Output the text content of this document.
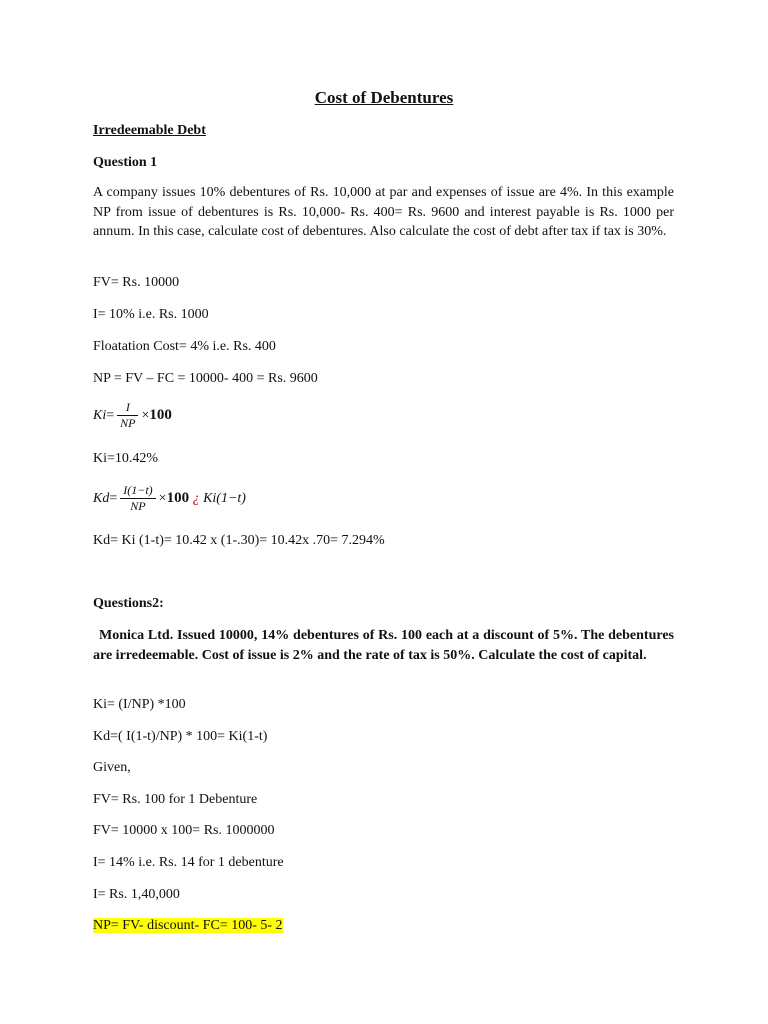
Cost of Debentures
Irredeemable Debt
Question 1
A company issues 10% debentures of Rs. 10,000 at par and expenses of issue are 4%. In this example NP from issue of debentures is Rs. 10,000- Rs. 400= Rs. 9600 and interest payable is Rs. 1000 per annum. In this case, calculate cost of debentures. Also calculate the cost of debt after tax if tax is 30%.
FV= Rs. 10000
I= 10% i.e. Rs. 1000
Floatation Cost= 4% i.e. Rs. 400
NP = FV – FC = 10000- 400 = Rs. 9600
$Ki= \frac{I}{NP} \times 100$
Ki=10.42%
$Kd= \frac{I(1-t)}{NP} \times 100$ ¿ Ki(1−t)
Kd= Ki (1-t)= 10.42 x (1-.30)= 10.42x .70= 7.294%
Questions2:
Monica Ltd. Issued 10000, 14% debentures of Rs. 100 each at a discount of 5%. The debentures are irredeemable. Cost of issue is 2% and the rate of tax is 50%. Calculate the cost of capital.
Ki= (I/NP) *100
Kd=( I(1-t)/NP) * 100= Ki(1-t)
Given,
FV= Rs. 100 for 1 Debenture
FV= 10000 x 100= Rs. 1000000
I= 14% i.e. Rs. 14 for 1 debenture
I= Rs. 1,40,000
NP= FV- discount- FC= 100- 5- 2
